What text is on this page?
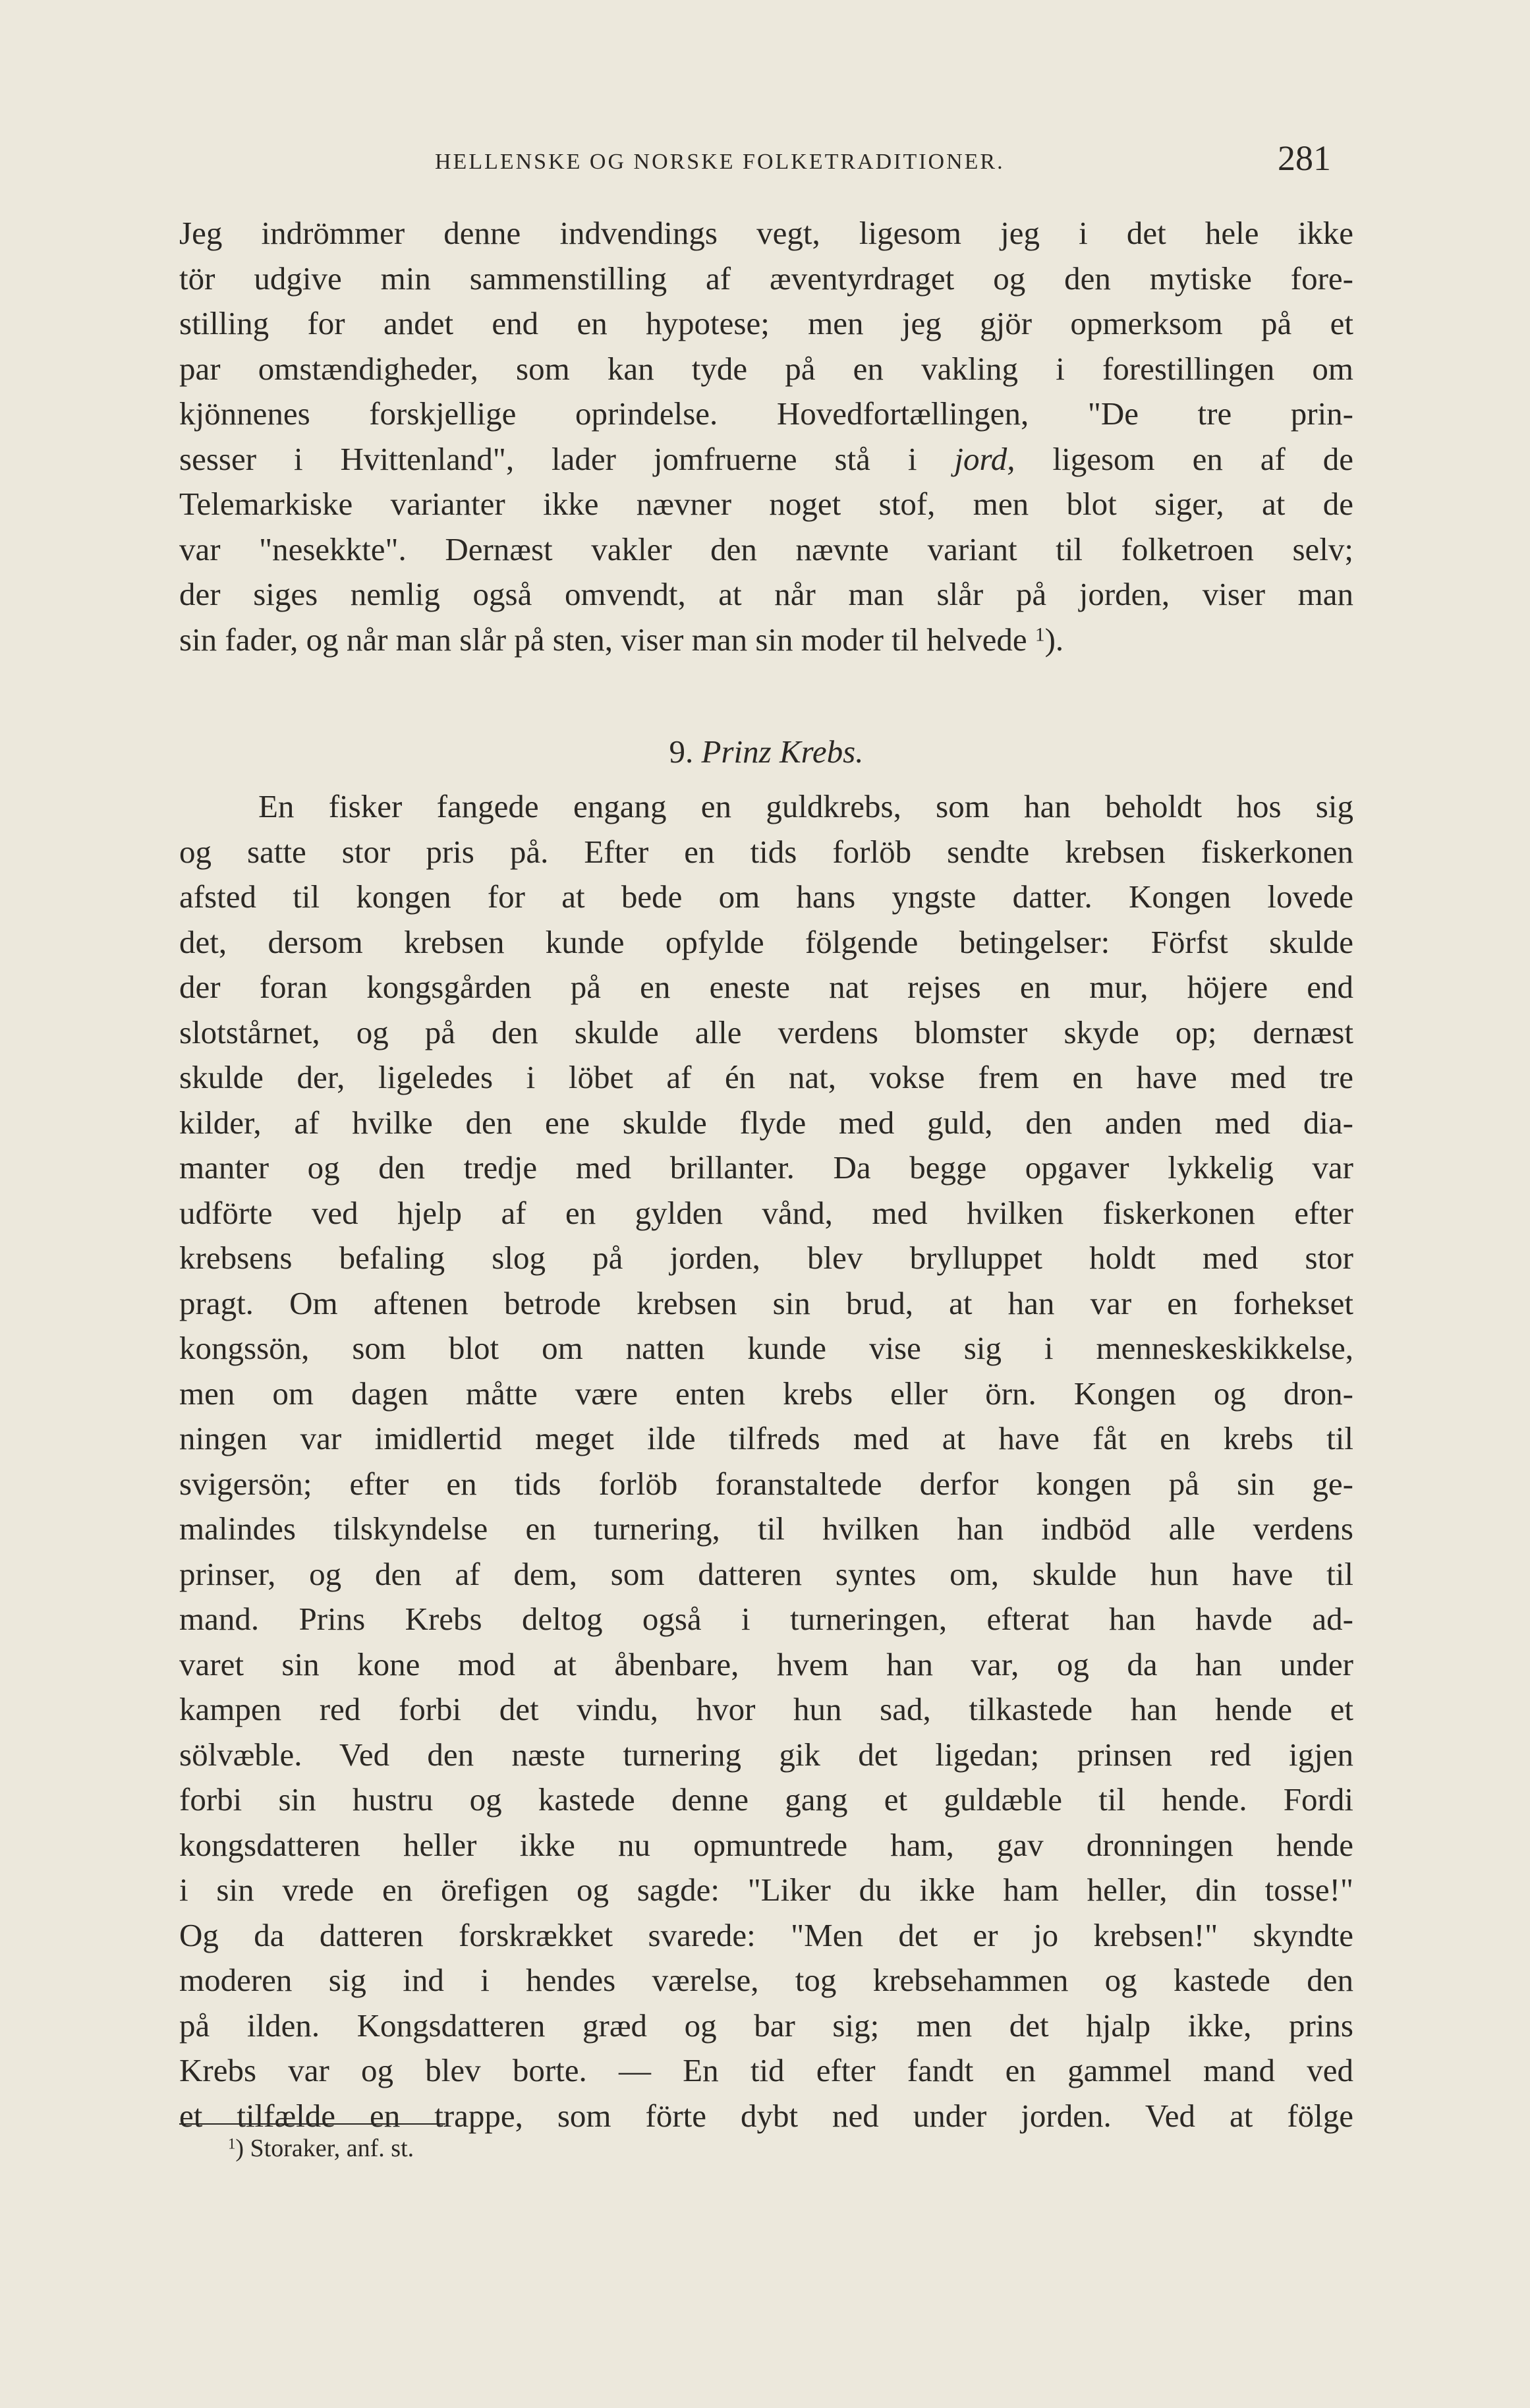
HELLENSKE OG NORSKE FOLKETRADITIONER.	281
Jeg indrömmer denne indvendings vegt, ligesom jeg i det hele ikke
tör udgive min sammenstilling af æventyrdraget og den mytiske fore-
stilling for andet end en hypotese; men jeg gjör opmerksom på et
par omstændigheder, som kan tyde på en vakling i forestillingen om
kjönnenes forskjellige oprindelse. Hovedfortællingen, "De tre prin-
sesser i Hvittenland", lader jomfruerne stå i jord, ligesom en af de
Telemarkiske varianter ikke nævner noget stof, men blot siger, at de
var "nesekkte". Dernæst vakler den nævnte variant til folketroen selv;
der siges nemlig også omvendt, at når man slår på jorden, viser man
sin fader, og når man slår på sten, viser man sin moder til helvede $^1$).
9. Prinz Krebs.
En fisker fangede engang en guldkrebs, som han beholdt hos sig
og satte stor pris på. Efter en tids forlöb sendte krebsen fiskerkonen
afsted til kongen for at bede om hans yngste datter. Kongen lovede
det, dersom krebsen kunde opfylde fölgende betingelser: Förfst skulde
der foran kongsgården på en eneste nat rejses en mur, höjere end
slotstårnet, og på den skulde alle verdens blomster skyde op; dernæst
skulde der, ligeledes i löbet af én nat, vokse frem en have med tre
kilder, af hvilke den ene skulde flyde med guld, den anden med dia-
manter og den tredje med brillanter. Da begge opgaver lykkelig var
udförte ved hjelp af en gylden vånd, med hvilken fiskerkonen efter
krebsens befaling slog på jorden, blev brylluppet holdt med stor
pragt. Om aftenen betrode krebsen sin brud, at han var en forhekset
kongssön, som blot om natten kunde vise sig i menneskeskikkelse,
men om dagen måtte være enten krebs eller örn. Kongen og dron-
ningen var imidlertid meget ilde tilfreds med at have fåt en krebs til
svigersön; efter en tids forlöb foranstaltede derfor kongen på sin ge-
malindes tilskyndelse en turnering, til hvilken han indböd alle verdens
prinser, og den af dem, som datteren syntes om, skulde hun have til
mand. Prins Krebs deltog også i turneringen, efterat han havde ad-
varet sin kone mod at åbenbare, hvem han var, og da han under
kampen red forbi det vindu, hvor hun sad, tilkastede han hende et
sölvæble. Ved den næste turnering gik det ligedan; prinsen red igjen
forbi sin hustru og kastede denne gang et guldæble til hende. Fordi
kongsdatteren heller ikke nu opmuntrede ham, gav dronningen hende
i sin vrede en örefigen og sagde: "Liker du ikke ham heller, din tosse!"
Og da datteren forskrækket svarede: "Men det er jo krebsen!" skyndte
moderen sig ind i hendes værelse, tog krebsehammen og kastede den
på ilden. Kongsdatteren græd og bar sig; men det hjalp ikke, prins
Krebs var og blev borte. — En tid efter fandt en gammel mand ved
et tilfælde en trappe, som förte dybt ned under jorden. Ved at fölge
$^1$) Storaker, anf. st.
